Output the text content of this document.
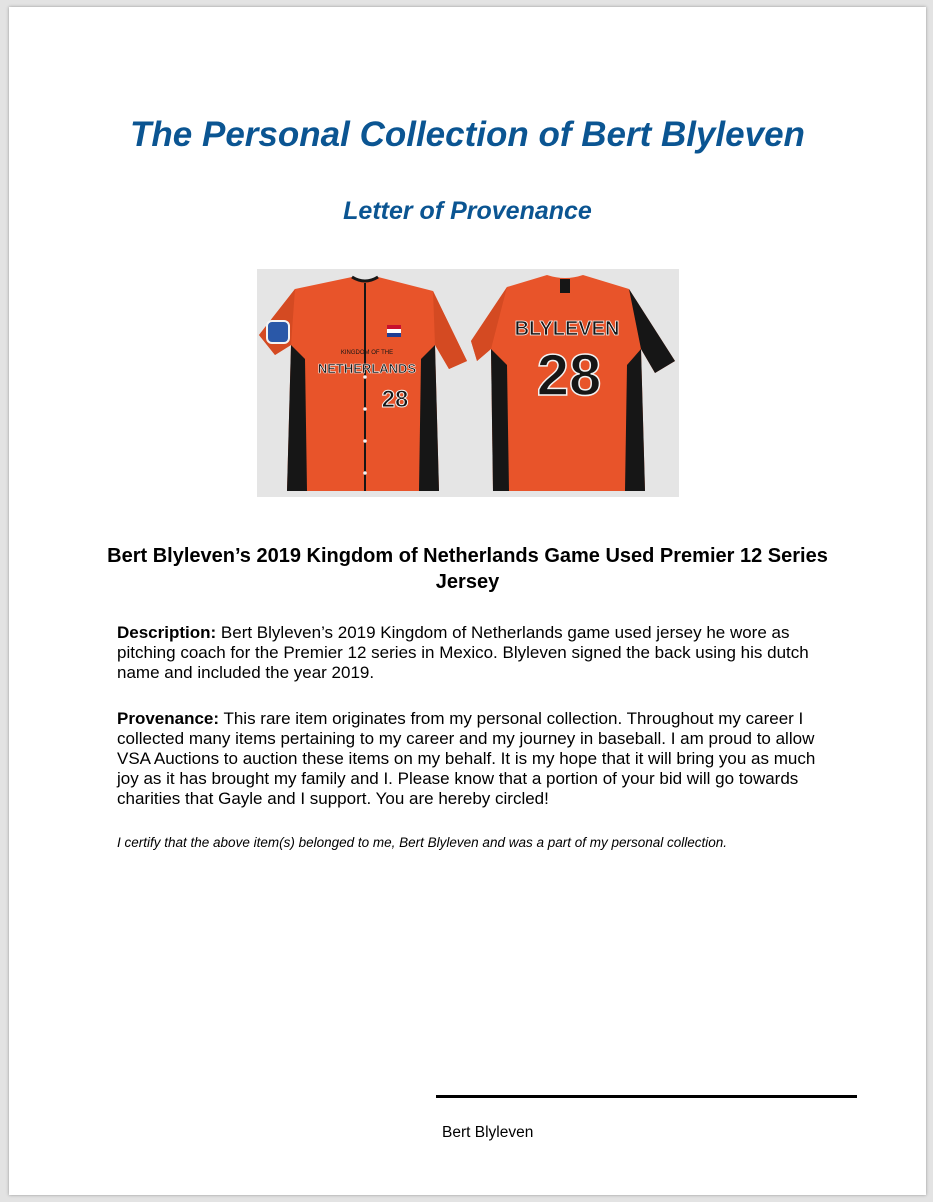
The Personal Collection of Bert Blyleven
Letter of Provenance
KINGDOM OF THE
NETHERLANDS
28
BLYLEVEN
28
Bert Blyleven’s 2019 Kingdom of Netherlands Game Used Premier 12 Series Jersey

Description: Bert Blyleven’s 2019 Kingdom of Netherlands game used jersey he wore as pitching coach for the Premier 12 series in Mexico. Blyleven signed the back using his dutch name and included the year 2019.

Provenance: This rare item originates from my personal collection. Throughout my career I collected many items pertaining to my career and my journey in baseball. I am proud to allow VSA Auctions to auction these items on my behalf. It is my hope that it will bring you as much joy as it has brought my family and I. Please know that a portion of your bid will go towards charities that Gayle and I support. You are hereby circled!

I certify that the above item(s) belonged to me, Bert Blyleven and was a part of my personal collection.

Bert Blyleven
